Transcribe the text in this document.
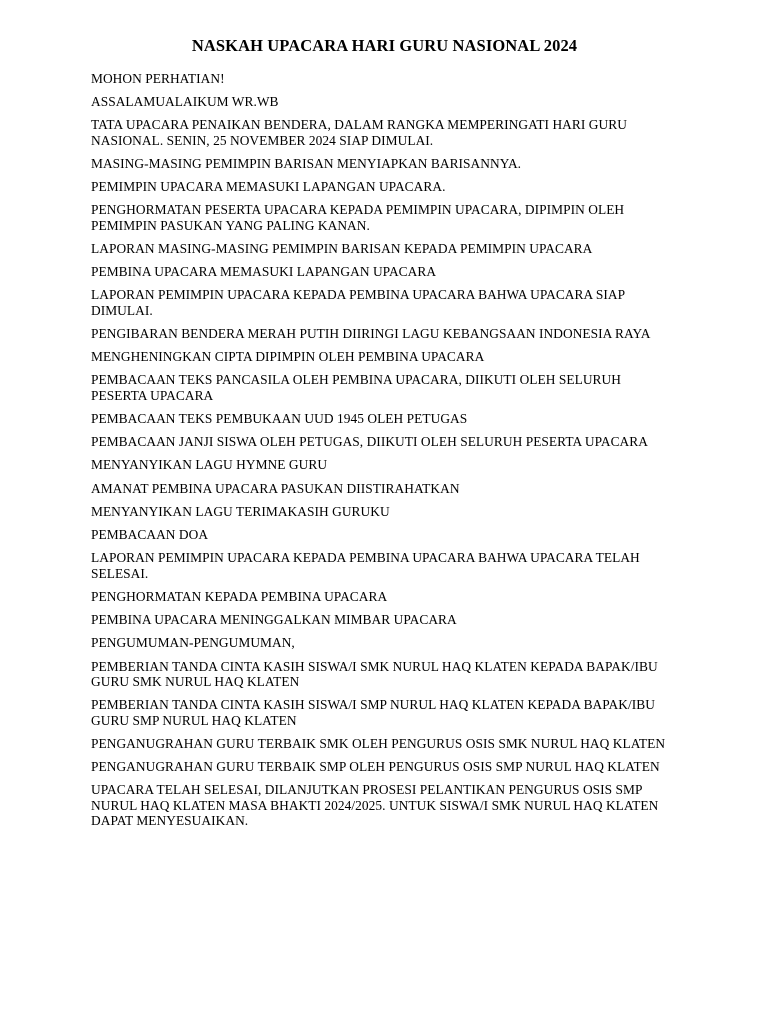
NASKAH UPACARA HARI GURU NASIONAL 2024
MOHON PERHATIAN!
ASSALAMUALAIKUM WR.WB
TATA UPACARA PENAIKAN BENDERA, DALAM RANGKA MEMPERINGATI HARI GURU NASIONAL. SENIN, 25 NOVEMBER 2024 SIAP DIMULAI.
MASING-MASING PEMIMPIN BARISAN MENYIAPKAN BARISANNYA.
PEMIMPIN UPACARA MEMASUKI LAPANGAN UPACARA.
PENGHORMATAN PESERTA UPACARA KEPADA PEMIMPIN UPACARA, DIPIMPIN OLEH PEMIMPIN PASUKAN YANG PALING KANAN.
LAPORAN MASING-MASING PEMIMPIN BARISAN KEPADA PEMIMPIN UPACARA
PEMBINA UPACARA MEMASUKI LAPANGAN UPACARA
LAPORAN PEMIMPIN UPACARA KEPADA PEMBINA UPACARA BAHWA UPACARA SIAP DIMULAI.
PENGIBARAN BENDERA MERAH PUTIH DIIRINGI LAGU KEBANGSAAN INDONESIA RAYA
MENGHENINGKAN CIPTA DIPIMPIN OLEH PEMBINA UPACARA
PEMBACAAN TEKS PANCASILA OLEH PEMBINA UPACARA, DIIKUTI OLEH SELURUH PESERTA UPACARA
PEMBACAAN TEKS PEMBUKAAN UUD 1945 OLEH PETUGAS
PEMBACAAN JANJI SISWA OLEH PETUGAS, DIIKUTI OLEH SELURUH PESERTA UPACARA
MENYANYIKAN LAGU HYMNE GURU
AMANAT PEMBINA UPACARA PASUKAN DIISTIRAHATKAN
MENYANYIKAN LAGU TERIMAKASIH GURUKU
PEMBACAAN DOA
LAPORAN PEMIMPIN UPACARA KEPADA PEMBINA UPACARA BAHWA UPACARA TELAH SELESAI.
PENGHORMATAN KEPADA PEMBINA UPACARA
PEMBINA UPACARA MENINGGALKAN MIMBAR UPACARA
PENGUMUMAN-PENGUMUMAN,
PEMBERIAN TANDA CINTA KASIH SISWA/I SMK NURUL HAQ KLATEN KEPADA BAPAK/IBU GURU SMK NURUL HAQ KLATEN
PEMBERIAN TANDA CINTA KASIH SISWA/I SMP NURUL HAQ KLATEN KEPADA BAPAK/IBU GURU SMP NURUL HAQ KLATEN
PENGANUGRAHAN GURU TERBAIK SMK OLEH PENGURUS OSIS SMK NURUL HAQ KLATEN
PENGANUGRAHAN GURU TERBAIK SMP OLEH PENGURUS OSIS SMP NURUL HAQ KLATEN
UPACARA TELAH SELESAI, DILANJUTKAN PROSESI PELANTIKAN PENGURUS OSIS SMP NURUL HAQ KLATEN MASA BHAKTI 2024/2025. UNTUK SISWA/I SMK NURUL HAQ KLATEN DAPAT MENYESUAIKAN.
